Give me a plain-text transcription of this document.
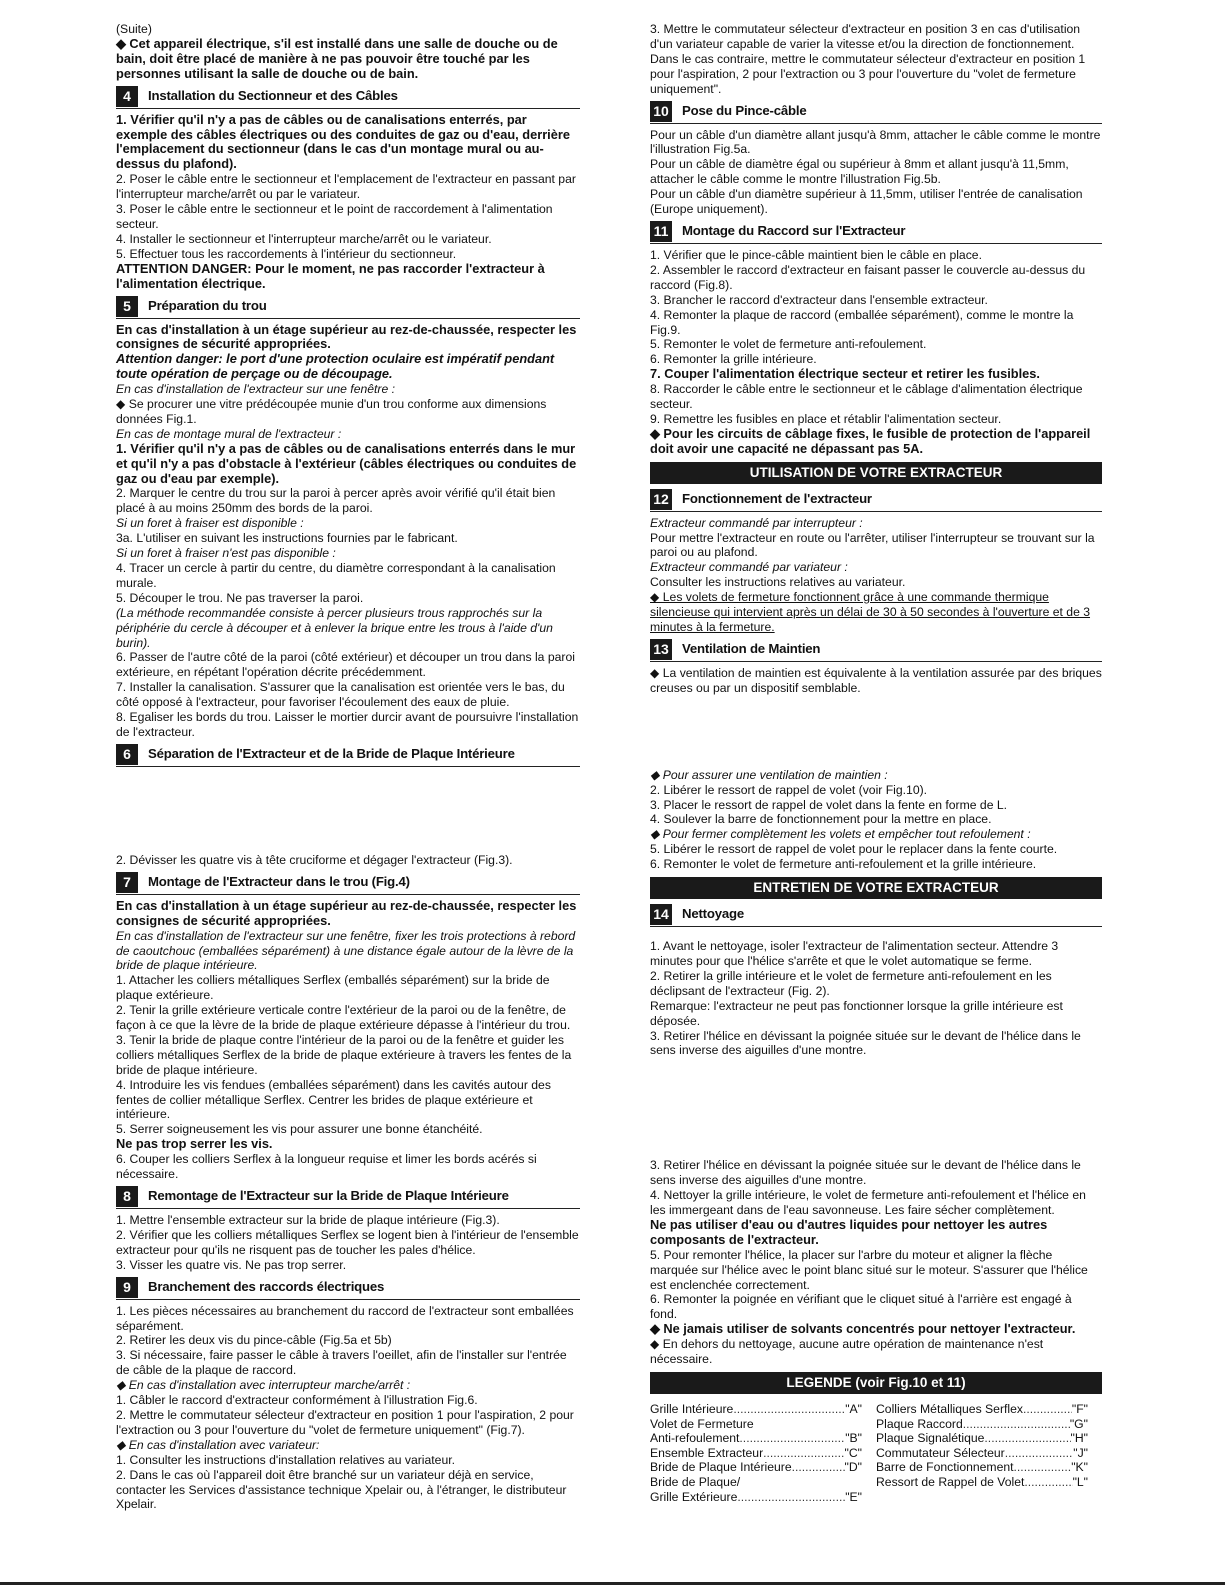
(Suite)

◆ Cet appareil électrique, s'il est installé dans une salle de douche ou de bain, doit être placé de manière à ne pas pouvoir être touché par les personnes utilisant la salle de douche ou de bain.

4	Installation du Sectionneur et des Câbles

1. Vérifier qu'il n'y a pas de câbles ou de canalisations enterrés, par exemple des câbles électriques ou des conduites de gaz ou d'eau, derrière l'emplacement du sectionneur (dans le cas d'un montage mural ou au-dessus du plafond).

2. Poser le câble entre le sectionneur et l'emplacement de l'extracteur en passant par l'interrupteur marche/arrêt ou par le variateur.

3. Poser le câble entre le sectionneur et le point de raccordement à l'alimentation secteur.

4. Installer le sectionneur et l'interrupteur marche/arrêt ou le variateur.

5. Effectuer tous les raccordements à l'intérieur du sectionneur.

ATTENTION DANGER: Pour le moment, ne pas raccorder l'extracteur à l'alimentation électrique.

5	Préparation du trou

En cas d'installation à un étage supérieur au rez-de-chaussée, respecter les consignes de sécurité appropriées.

Attention danger: le port d'une protection oculaire est impératif pendant toute opération de perçage ou de découpage.

En cas d'installation de l'extracteur sur une fenêtre :

◆ Se procurer une vitre prédécoupée munie d'un trou conforme aux dimensions données Fig.1.

En cas de montage mural de l'extracteur :

1. Vérifier qu'il n'y a pas de câbles ou de canalisations enterrés dans le mur et qu'il n'y a pas d'obstacle à l'extérieur (câbles électriques ou conduites de gaz ou d'eau par exemple).

2. Marquer le centre du trou sur la paroi à percer après avoir vérifié qu'il était bien placé à au moins 250mm des bords de la paroi.

Si un foret à fraiser est disponible :

3a. L'utiliser en suivant les instructions fournies par le fabricant.

Si un foret à fraiser n'est pas disponible :

4. Tracer un cercle à partir du centre, du diamètre correspondant à la canalisation murale.

5. Découper le trou. Ne pas traverser la paroi.

(La méthode recommandée consiste à percer plusieurs trous rapprochés sur la périphérie du cercle à découper et à enlever la brique entre les trous à l'aide d'un burin).

6. Passer de l'autre côté de la paroi (côté extérieur) et découper un trou dans la paroi extérieure, en répétant l'opération décrite précédemment.

7. Installer la canalisation. S'assurer que la canalisation est orientée vers le bas, du côté opposé à l'extracteur, pour favoriser l'écoulement des eaux de pluie.

8. Egaliser les bords du trou. Laisser le mortier durcir avant de poursuivre l'installation de l'extracteur.

6	Séparation de l'Extracteur et de la Bride de Plaque Intérieure

2. Dévisser les quatre vis à tête cruciforme et dégager l'extracteur (Fig.3).

7	Montage de l'Extracteur dans le trou (Fig.4)

En cas d'installation à un étage supérieur au rez-de-chaussée, respecter les consignes de sécurité appropriées.

En cas d'installation de l'extracteur sur une fenêtre, fixer les trois protections à rebord de caoutchouc (emballées séparément) à une distance égale autour de la lèvre de la bride de plaque intérieure.

1. Attacher les colliers métalliques Serflex (emballés séparément) sur la bride de plaque extérieure.

2. Tenir la grille extérieure verticale contre l'extérieur de la paroi ou de la fenêtre, de façon à ce que la lèvre de la bride de plaque extérieure dépasse à l'intérieur du trou.

3. Tenir la bride de plaque contre l'intérieur de la paroi ou de la fenêtre et guider les colliers métalliques Serflex de la bride de plaque extérieure à travers les fentes de la bride de plaque intérieure.

4. Introduire les vis fendues (emballées séparément) dans les cavités autour des fentes de collier métallique Serflex. Centrer les brides de plaque extérieure et intérieure.

5. Serrer soigneusement les vis pour assurer une bonne étanchéité.

Ne pas trop serrer les vis.

6. Couper les colliers Serflex à la longueur requise et limer les bords acérés si nécessaire.

8	Remontage de l'Extracteur sur la Bride de Plaque Intérieure

1. Mettre l'ensemble extracteur sur la bride de plaque intérieure (Fig.3).

2. Vérifier que les colliers métalliques Serflex se logent bien à l'intérieur de l'ensemble extracteur pour qu'ils ne risquent pas de toucher les pales d'hélice.

3. Visser les quatre vis. Ne pas trop serrer.

9	Branchement des raccords électriques

1. Les pièces nécessaires au branchement du raccord de l'extracteur sont emballées séparément.

2. Retirer les deux vis du pince-câble (Fig.5a et 5b)

3. Si nécessaire, faire passer le câble à travers l'oeillet, afin de l'installer sur l'entrée de câble de la plaque de raccord.

◆ En cas d'installation avec interrupteur marche/arrêt :

1. Câbler le raccord d'extracteur conformément à l'illustration Fig.6.

2. Mettre le commutateur sélecteur d'extracteur en position 1 pour l'aspiration, 2 pour l'extraction ou 3 pour l'ouverture du "volet de fermeture uniquement" (Fig.7).

◆ En cas d'installation avec variateur:

1. Consulter les instructions d'installation relatives au variateur.

2. Dans le cas où l'appareil doit être branché sur un variateur déjà en service, contacter les Services d'assistance technique Xpelair ou, à l'étranger, le distributeur Xpelair.

3. Mettre le commutateur sélecteur d'extracteur en position 3 en cas d'utilisation d'un variateur capable de varier la vitesse et/ou la direction de fonctionnement. Dans le cas contraire, mettre le commutateur sélecteur d'extracteur en position 1 pour l'aspiration, 2 pour l'extraction ou 3 pour l'ouverture du "volet de fermeture uniquement".

10 Pose du Pince-câble

Pour un câble d'un diamètre allant jusqu'à 8mm, attacher le câble comme le montre l'illustration Fig.5a.

Pour un câble de diamètre égal ou supérieur à 8mm et allant jusqu'à 11,5mm, attacher le câble comme le montre l'illustration Fig.5b.

Pour un câble d'un diamètre supérieur à 11,5mm, utiliser l'entrée de canalisation (Europe uniquement).

11 Montage du Raccord sur l'Extracteur

1. Vérifier que le pince-câble maintient bien le câble en place.

2. Assembler le raccord d'extracteur en faisant passer le couvercle au-dessus du raccord (Fig.8).

3. Brancher le raccord d'extracteur dans l'ensemble extracteur.

4. Remonter la plaque de raccord (emballée séparément), comme le montre la Fig.9.

5. Remonter le volet de fermeture anti-refoulement.

6. Remonter la grille intérieure.

7. Couper l'alimentation électrique secteur et retirer les fusibles.

8. Raccorder le câble entre le sectionneur et le câblage d'alimentation électrique secteur.

9. Remettre les fusibles en place et rétablir l'alimentation secteur.

◆ Pour les circuits de câblage fixes, le fusible de protection de l'appareil doit avoir une capacité ne dépassant pas 5A.

UTILISATION DE VOTRE EXTRACTEUR
12 Fonctionnement de l'extracteur

Extracteur commandé par interrupteur :

Pour mettre l'extracteur en route ou l'arrêter, utiliser l'interrupteur se trouvant sur la paroi ou au plafond.

Extracteur commandé par variateur :

Consulter les instructions relatives au variateur.

◆ Les volets de fermeture fonctionnent grâce à une commande thermique silencieuse qui intervient après un délai de 30 à 50 secondes à l'ouverture et de 3 minutes à la fermeture.

13 Ventilation de Maintien

◆ La ventilation de maintien est équivalente à la ventilation assurée par des briques creuses ou par un dispositif semblable.

◆ Pour assurer une ventilation de maintien :

2. Libérer le ressort de rappel de volet (voir Fig.10).

3. Placer le ressort de rappel de volet dans la fente en forme de L.

4. Soulever la barre de fonctionnement pour la mettre en place.

◆ Pour fermer complètement les volets et empêcher tout refoulement :

5. Libérer le ressort de rappel de volet pour le replacer dans la fente courte.

6. Remonter le volet de fermeture anti-refoulement et la grille intérieure.

ENTRETIEN DE VOTRE EXTRACTEUR
14 Nettoyage

1. Avant le nettoyage, isoler l'extracteur de l'alimentation secteur. Attendre 3 minutes pour que l'hélice s'arrête et que le volet automatique se ferme.

2. Retirer la grille intérieure et le volet de fermeture anti-refoulement en les déclipsant de l'extracteur (Fig. 2).

Remarque: l'extracteur ne peut pas fonctionner lorsque la grille intérieure est déposée.

3. Retirer l'hélice en dévissant la poignée située sur le devant de l'hélice dans le sens inverse des aiguilles d'une montre.

3. Retirer l'hélice en dévissant la poignée située sur le devant de l'hélice dans le sens inverse des aiguilles d'une montre.

4. Nettoyer la grille intérieure, le volet de fermeture anti-refoulement et l'hélice en les immergeant dans de l'eau savonneuse. Les faire sécher complètement.

Ne pas utiliser d'eau ou d'autres liquides pour nettoyer les autres composants de l'extracteur.

5. Pour remonter l'hélice, la placer sur l'arbre du moteur et aligner la flèche marquée sur l'hélice avec le point blanc situé sur le moteur. S'assurer que l'hélice est enclenchée correctement.

6. Remonter la poignée en vérifiant que le cliquet situé à l'arrière est engagé à fond.

◆ Ne jamais utiliser de solvants concentrés pour nettoyer l'extracteur.

◆ En dehors du nettoyage, aucune autre opération de maintenance n'est nécessaire.

LEGENDE (voir Fig.10 et 11)
Grille Intérieure .....	"A"
Volet de Fermeture
Anti-refoulement .....	"B"
Ensemble Extracteur .....	"C"
Bride de Plaque Intérieure .....	"D"
Bride de Plaque/
Grille Extérieure .....	"E"
Colliers Métalliques Serflex .....	"F"
Plaque Raccord .....	"G"
Plaque Signalétique .....	"H"
Commutateur Sélecteur .....	"J"
Barre de Fonctionnement .....	"K"
Ressort de Rappel de Volet .....	"L"
